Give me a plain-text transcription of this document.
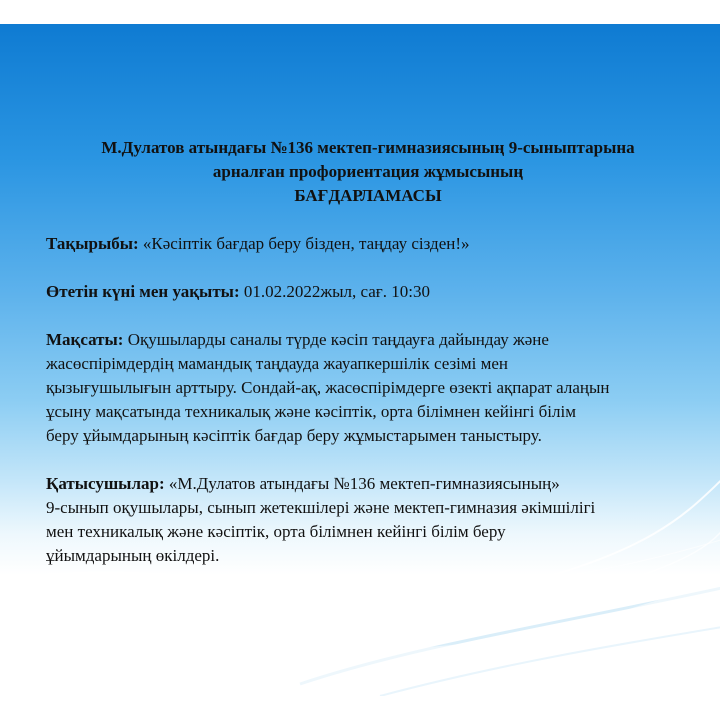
М.Дулатов атындағы №136 мектеп-гимназиясының 9-сыныптарына
арналған профориентация жұмысының
БАҒДАРЛАМАСЫ
Тақырыбы: «Кәсіптік бағдар беру бізден, таңдау сізден!»
Өтетін күні мен уақыты: 01.02.2022жыл, сағ. 10:30
Мақсаты: Оқушыларды саналы түрде кәсіп таңдауға дайындау және
жасөспірімдердің мамандық таңдауда жауапкершілік сезімі мен
қызығушылығын арттыру. Сондай-ақ, жасөспірімдерге өзекті ақпарат алаңын
ұсыну мақсатында техникалық және кәсіптік, орта білімнен кейінгі білім
беру ұйымдарының кәсіптік бағдар беру жұмыстарымен таныстыру.
Қатысушылар: «М.Дулатов атындағы №136 мектеп-гимназиясының»
9-сынып оқушылары, сынып жетекшілері және мектеп-гимназия әкімшілігі
мен техникалық және кәсіптік, орта білімнен кейінгі білім беру
ұйымдарының өкілдері.
